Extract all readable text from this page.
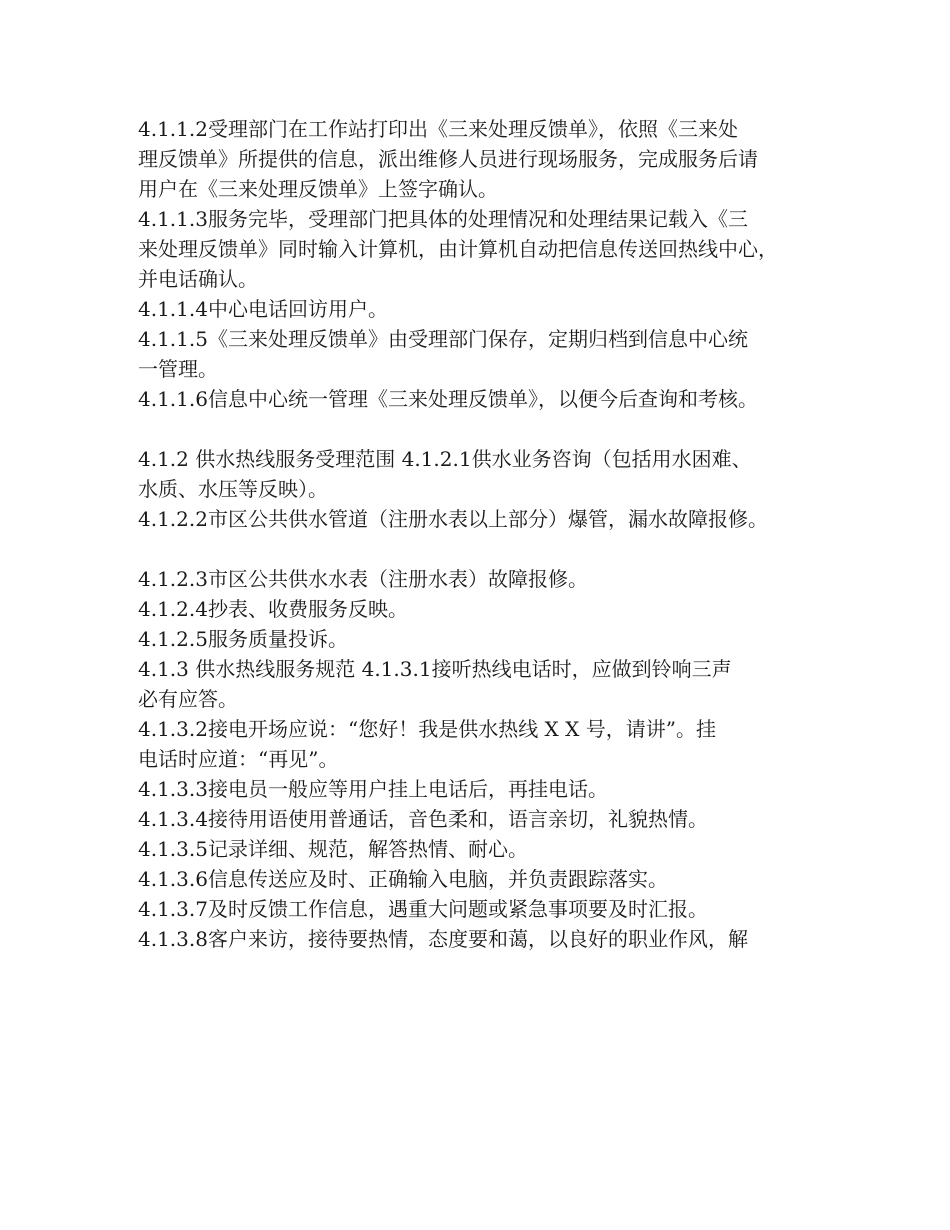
4.1.1.2受理部门在工作站打印出《三来处理反馈单》，依照《三来处
理反馈单》所提供的信息，派出维修人员进行现场服务，完成服务后请
用户在《三来处理反馈单》上签字确认。
4.1.1.3服务完毕，受理部门把具体的处理情况和处理结果记载入《三
来处理反馈单》同时输入计算机，由计算机自动把信息传送回热线中心，
并电话确认。
4.1.1.4中心电话回访用户。
4.1.1.5《三来处理反馈单》由受理部门保存，定期归档到信息中心统
一管理。
4.1.1.6信息中心统一管理《三来处理反馈单》，以便今后查询和考核。
4.1.2 供水热线服务受理范围 4.1.2.1供水业务咨询（包括用水困难、
水质、水压等反映）。
4.1.2.2市区公共供水管道（注册水表以上部分）爆管，漏水故障报修。
4.1.2.3市区公共供水水表（注册水表）故障报修。
4.1.2.4抄表、收费服务反映。
4.1.2.5服务质量投诉。
4.1.3 供水热线服务规范 4.1.3.1接听热线电话时，应做到铃响三声
必有应答。
4.1.3.2接电开场应说：“您好！我是供水热线 X X 号，请讲”。挂
电话时应道：“再见”。
4.1.3.3接电员一般应等用户挂上电话后，再挂电话。
4.1.3.4接待用语使用普通话，音色柔和，语言亲切，礼貌热情。
4.1.3.5记录详细、规范，解答热情、耐心。
4.1.3.6信息传送应及时、正确输入电脑，并负责跟踪落实。
4.1.3.7及时反馈工作信息，遇重大问题或紧急事项要及时汇报。
4.1.3.8客户来访，接待要热情，态度要和蔼，以良好的职业作风，解
